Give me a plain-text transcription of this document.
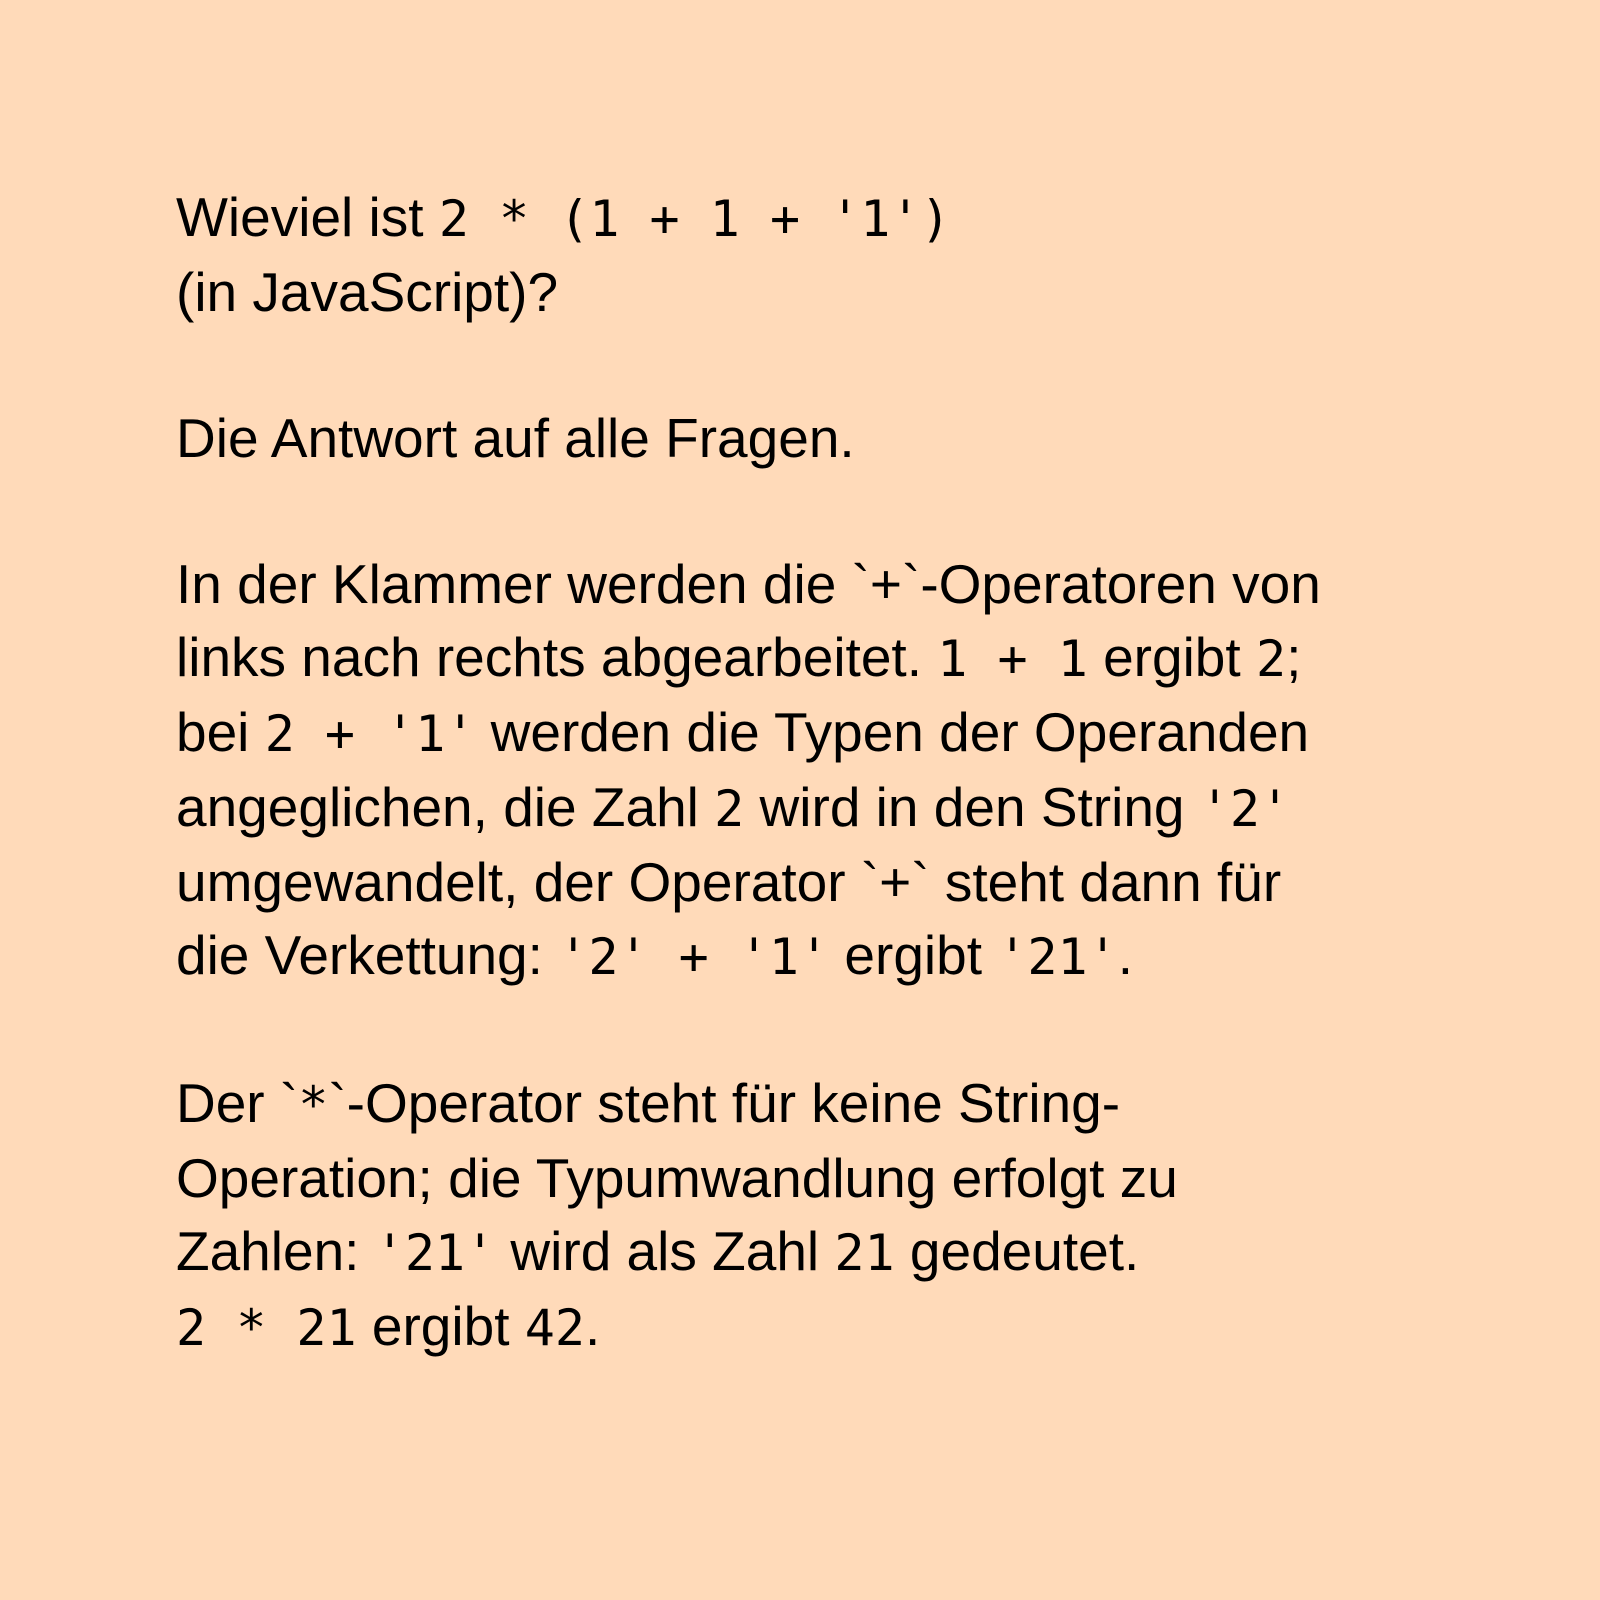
Wieviel ist 2 * (1 + 1 + '1')
(in JavaScript)?
Die Antwort auf alle Fragen.
In der Klammer werden die `+`-Operatoren von
links nach rechts abgearbeitet. 1 + 1 ergibt 2;
bei 2 + '1' werden die Typen der Operanden
angeglichen, die Zahl 2 wird in den String '2'
umgewandelt, der Operator `+` steht dann für
die Verkettung: '2' + '1' ergibt '21'.
Der `*`-Operator steht für keine String-
Operation; die Typumwandlung erfolgt zu
Zahlen: '21' wird als Zahl 21 gedeutet.
2 * 21 ergibt 42.
